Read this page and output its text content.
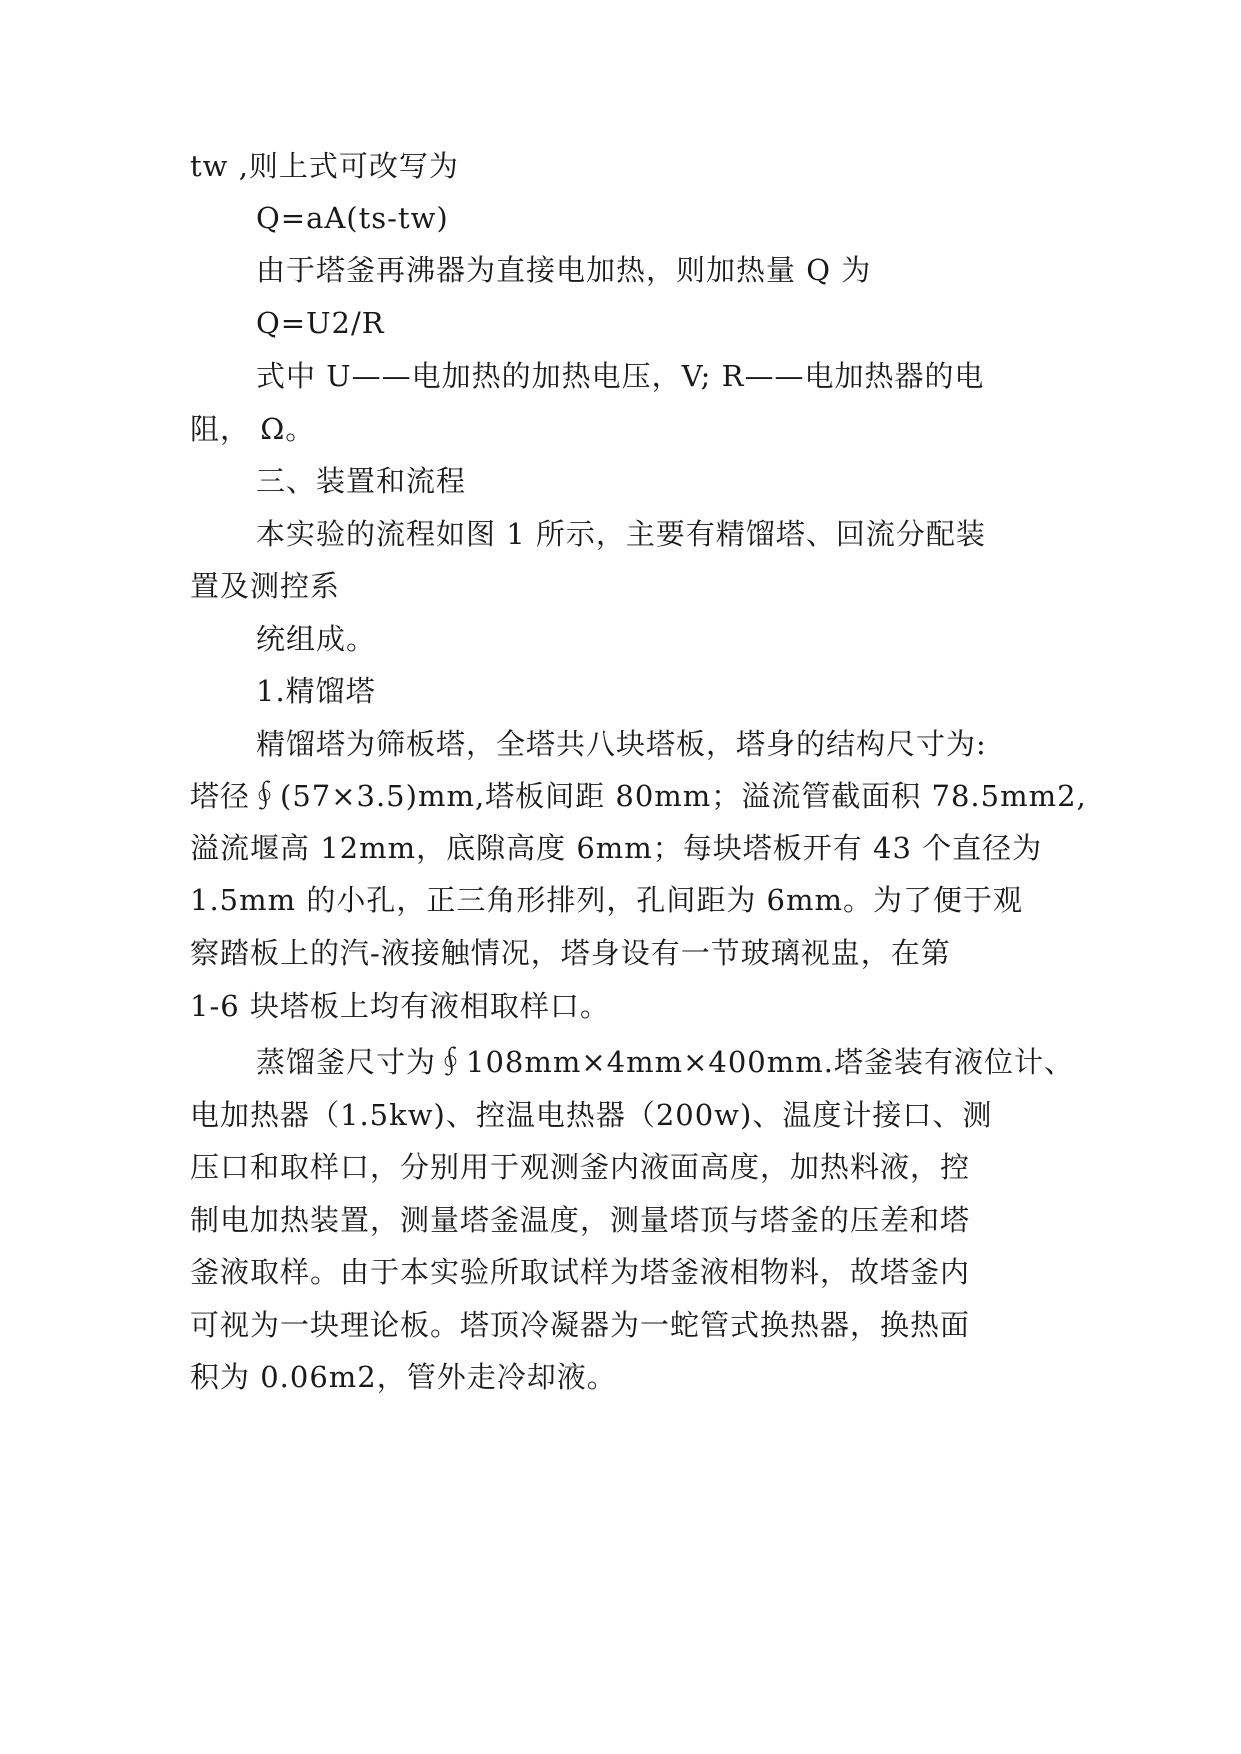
tw ,则上式可改写为
Q=aA(ts-tw)
由于塔釜再沸器为直接电加热，则加热量 Q 为
Q=U2/R
式中 U——电加热的加热电压，V; R——电加热器的电
阻， Ω。
三、装置和流程
本实验的流程如图 1 所示，主要有精馏塔、回流分配装
置及测控系
统组成。
1.精馏塔
精馏塔为筛板塔，全塔共八块塔板，塔身的结构尺寸为:
塔径∮(57×3.5)mm,塔板间距 80mm；溢流管截面积 78.5mm2,
溢流堰高 12mm，底隙高度 6mm；每块塔板开有 43 个直径为
1.5mm 的小孔，正三角形排列，孔间距为 6mm。为了便于观
察踏板上的汽-液接触情况，塔身设有一节玻璃视盅，在第
1-6 块塔板上均有液相取样口。
蒸馏釜尺寸为∮108mm×4mm×400mm.塔釜装有液位计、
电加热器（1.5kw)、控温电热器（200w)、温度计接口、测
压口和取样口，分别用于观测釜内液面高度，加热料液，控
制电加热装置，测量塔釜温度，测量塔顶与塔釜的压差和塔
釜液取样。由于本实验所取试样为塔釜液相物料，故塔釜内
可视为一块理论板。塔顶冷凝器为一蛇管式换热器，换热面
积为 0.06m2，管外走冷却液。
